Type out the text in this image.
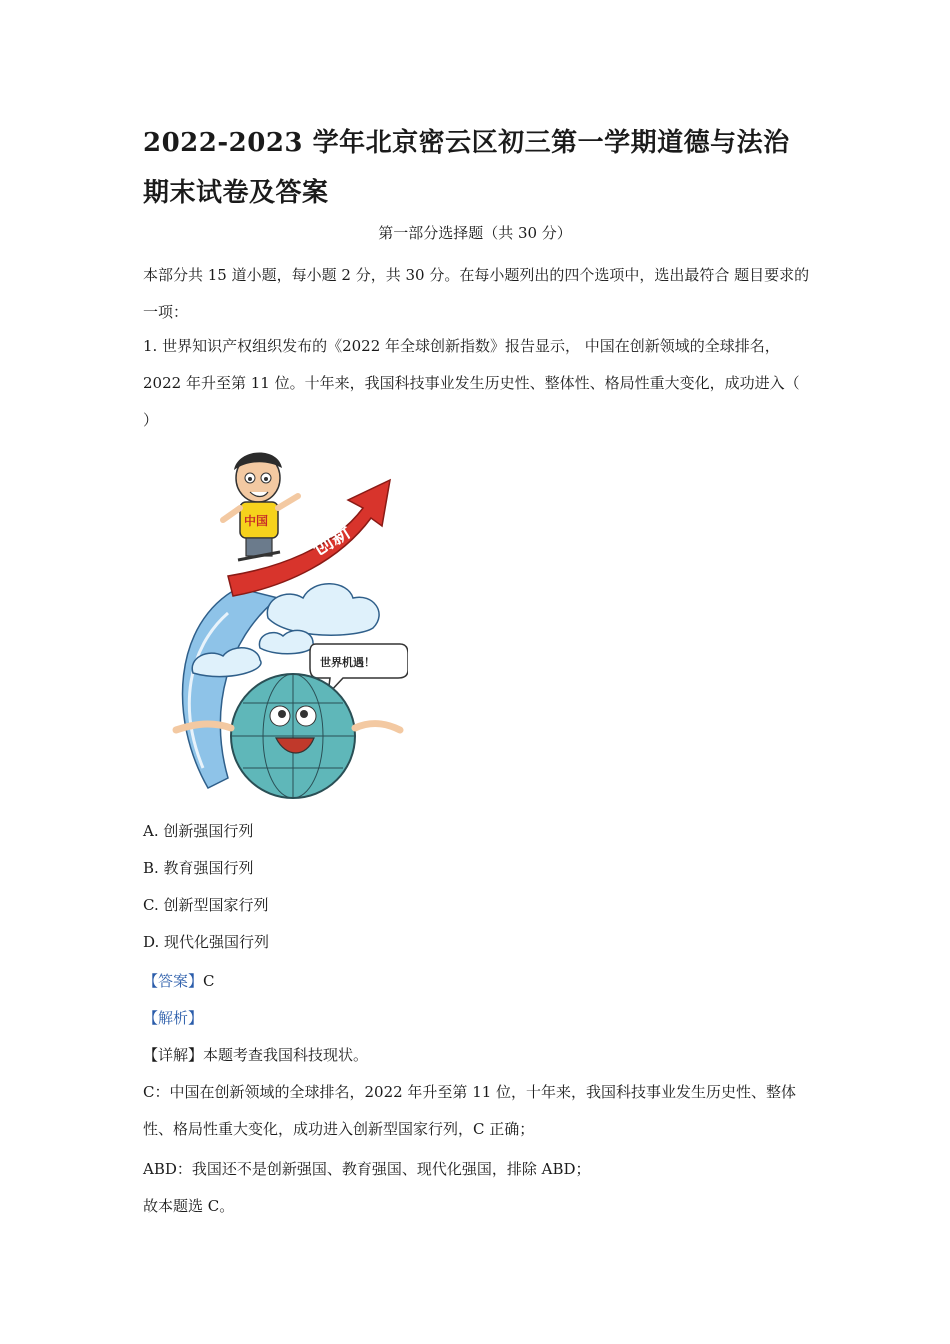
2022-2023 学年北京密云区初三第一学期道德与法治期末试卷及答案
第一部分选择题（共 30 分）
本部分共 15 道小题，每小题 2 分，共 30 分。在每小题列出的四个选项中，选出最符合 题目要求的一项：
1. 世界知识产权组织发布的《2022 年全球创新指数》报告显示， 中国在创新领域的全球排名，2022 年升至第 11 位。十年来，我国科技事业发生历史性、整体性、格局性重大变化，成功进入（ ）
创新
中国
世界机遇！
A. 创新强国行列
B. 教育强国行列
C. 创新型国家行列
D. 现代化强国行列
【答案】C
【解析】
【详解】本题考查我国科技现状。
C：中国在创新领域的全球排名，2022 年升至第 11 位，十年来，我国科技事业发生历史性、整体性、格局性重大变化，成功进入创新型国家行列，C 正确；
ABD：我国还不是创新强国、教育强国、现代化强国，排除 ABD；
故本题选 C。
